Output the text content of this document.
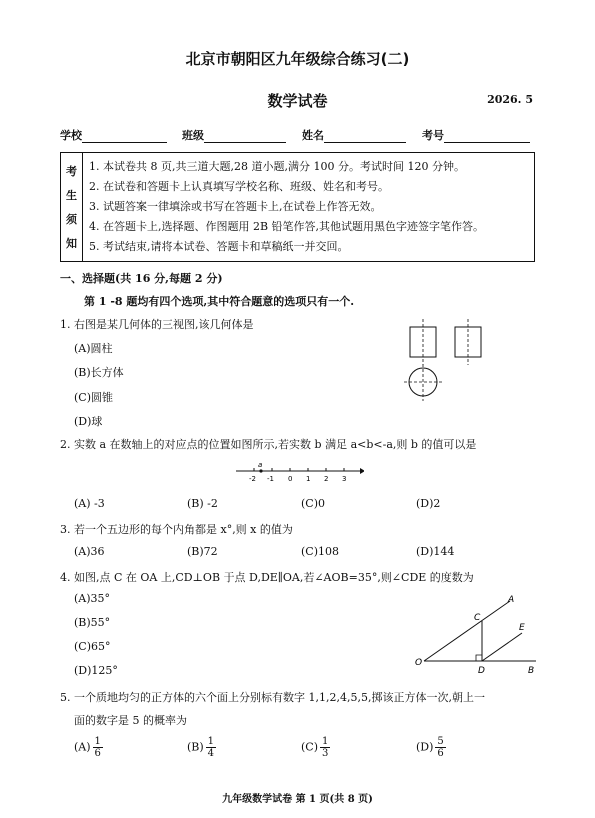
北京市朝阳区九年级综合练习(二)
数学试卷	2026. 5
学校	班级	姓名	考号
考
生
须
知
1. 本试卷共 8 页,共三道大题,28 道小题,满分 100 分。考试时间 120 分钟。
2. 在试卷和答题卡上认真填写学校名称、班级、姓名和考号。
3. 试题答案一律填涂或书写在答题卡上,在试卷上作答无效。
4. 在答题卡上,选择题、作图题用 2B 铅笔作答,其他试题用黑色字迹签字笔作答。
5. 考试结束,请将本试卷、答题卡和草稿纸一并交回。
一、选择题(共 16 分,每题 2 分)
第 1 -8 题均有四个选项,其中符合题意的选项只有一个.
1. 右图是某几何体的三视图,该几何体是
(A)圆柱
(B)长方体
(C)圆锥
(D)球
2. 实数 a 在数轴上的对应点的位置如图所示,若实数 b 满足 a<b<-a,则 b 的值可以是
a
-2 -1 0 1 2 3
(A) -3	(B) -2	(C)0	(D)2
3. 若一个五边形的每个内角都是 x°,则 x 的值为
(A)36	(B)72	(C)108	(D)144
4. 如图,点 C 在 OA 上,CD⊥OB 于点 D,DE∥OA,若∠AOB=35°,则∠CDE 的度数为
(A)35°
(B)55°
(C)65°
(D)125°
O
A
B
C
D
E
5. 一个质地均匀的正方体的六个面上分别标有数字 1,1,2,4,5,5,掷该正方体一次,朝上一
面的数字是 5 的概率为
$(A) \frac{1}{6}$	$(B) \frac{1}{4}$	$(C) \frac{1}{3}$	$(D) \frac{5}{6}$
九年级数学试卷 第 1 页(共 8 页)
